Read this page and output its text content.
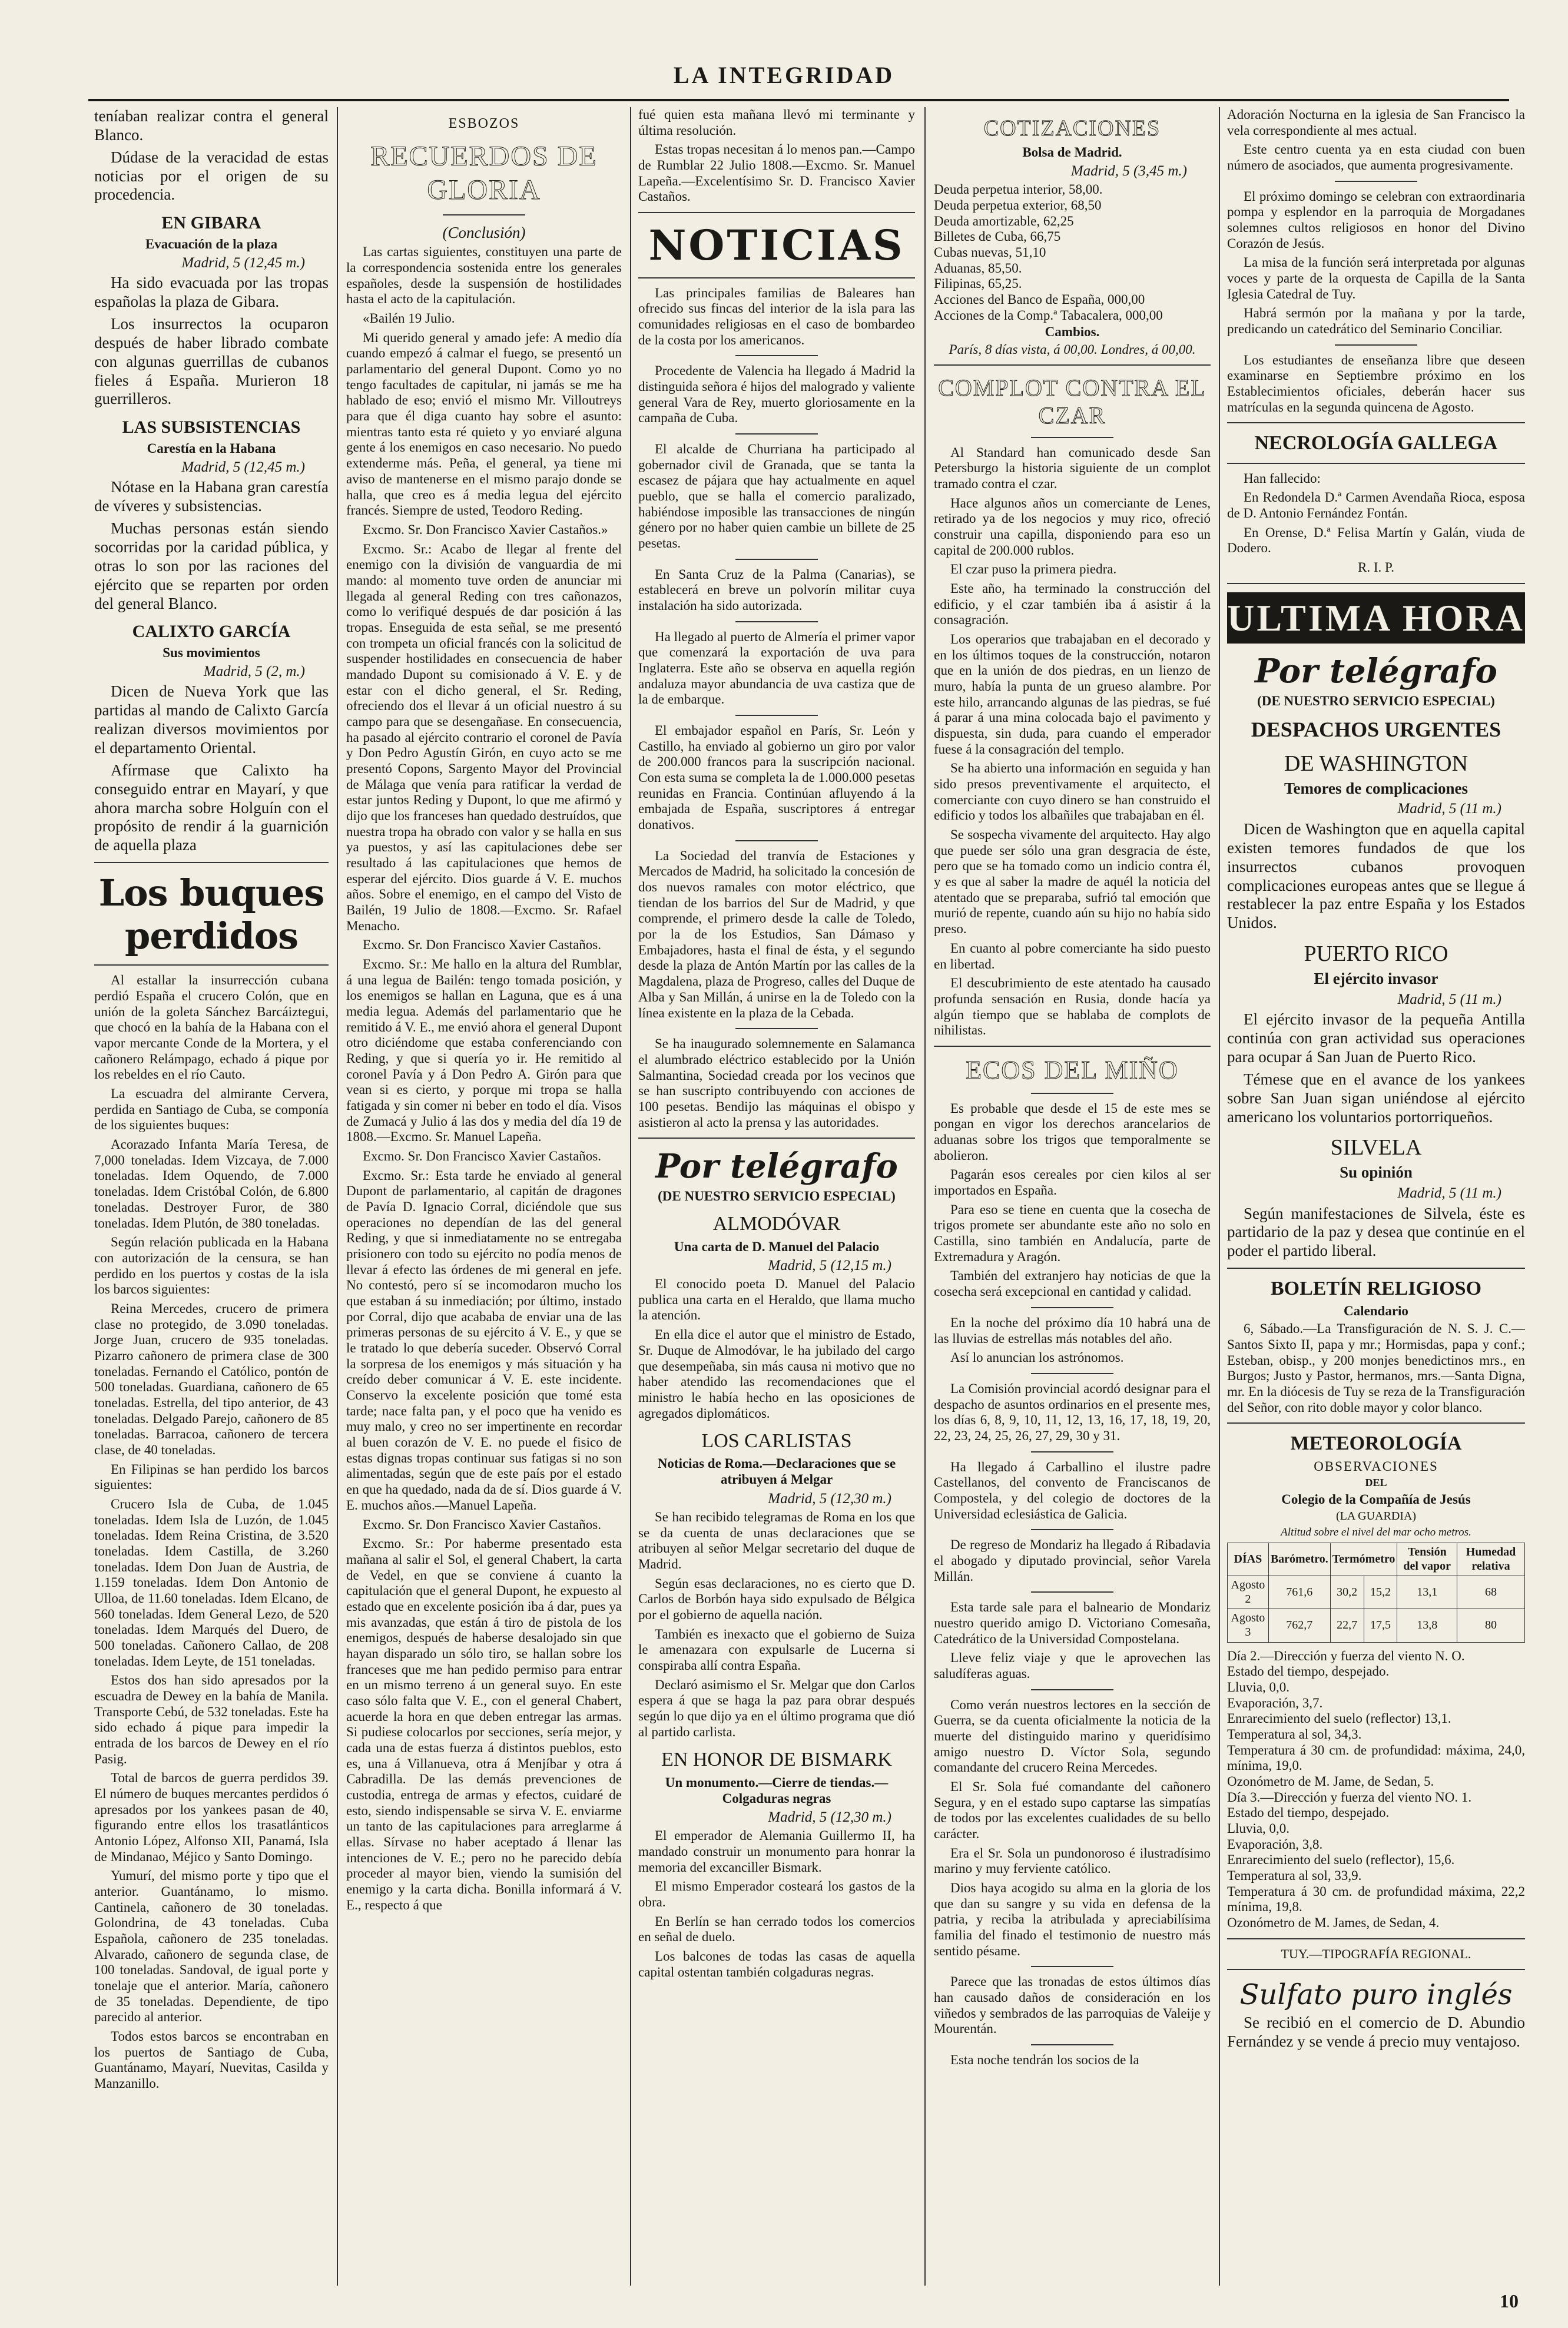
LA INTEGRIDAD

teníaban realizar contra el general Blanco.

Dúdase de la veracidad de estas noticias por el origen de su procedencia.

EN GIBARA
Evacuación de la plaza
Madrid, 5 (12,45 m.)

Ha sido evacuada por las tropas españolas la plaza de Gibara.

Los insurrectos la ocuparon después de haber librado combate con algunas guerrillas de cubanos fieles á España. Murieron 18 guerrilleros.

LAS SUBSISTENCIAS
Carestía en la Habana
Madrid, 5 (12,45 m.)

Nótase en la Habana gran carestía de víveres y subsistencias.

Muchas personas están siendo socorridas por la caridad pública, y otras lo son por las raciones del ejército que se reparten por orden del general Blanco.

CALIXTO GARCÍA
Sus movimientos
Madrid, 5 (2, m.)

Dicen de Nueva York que las partidas al mando de Calixto García realizan diversos movimientos por el departamento Oriental.

Afírmase que Calixto ha conseguido entrar en Mayarí, y que ahora marcha sobre Holguín con el propósito de rendir á la guarnición de aquella plaza

Los buques perdidos

Al estallar la insurrección cubana perdió España el crucero Colón, que en unión de la goleta Sánchez Barcáiztegui, que chocó en la bahía de la Habana con el vapor mercante Conde de la Mortera, y el cañonero Relámpago, echado á pique por los rebeldes en el río Cauto.

La escuadra del almirante Cervera, perdida en Santiago de Cuba, se componía de los siguientes buques:

Acorazado Infanta María Teresa, de 7,000 toneladas. Idem Vizcaya, de 7.000 toneladas. Idem Oquendo, de 7.000 toneladas. Idem Cristóbal Colón, de 6.800 toneladas. Destroyer Furor, de 380 toneladas. Idem Plutón, de 380 toneladas.

Según relación publicada en la Habana con autorización de la censura, se han perdido en los puertos y costas de la isla los barcos siguientes:

Reina Mercedes, crucero de primera clase no protegido, de 3.090 toneladas. Jorge Juan, crucero de 935 toneladas. Pizarro cañonero de primera clase de 300 toneladas. Fernando el Católico, pontón de 500 toneladas. Guardiana, cañonero de 65 toneladas. Estrella, del tipo anterior, de 43 toneladas. Delgado Parejo, cañonero de 85 toneladas. Barracoa, cañonero de tercera clase, de 40 toneladas.

En Filipinas se han perdido los barcos siguientes:

Crucero Isla de Cuba, de 1.045 toneladas. Idem Isla de Luzón, de 1.045 toneladas. Idem Reina Cristina, de 3.520 toneladas. Idem Castilla, de 3.260 toneladas. Idem Don Juan de Austria, de 1.159 toneladas. Idem Don Antonio de Ulloa, de 11.60 toneladas. Idem Elcano, de 560 toneladas. Idem General Lezo, de 520 toneladas. Idem Marqués del Duero, de 500 toneladas. Cañonero Callao, de 208 toneladas. Idem Leyte, de 151 toneladas.

Estos dos han sido apresados por la escuadra de Dewey en la bahía de Manila. Transporte Cebú, de 532 toneladas. Este ha sido echado á pique para impedir la entrada de los barcos de Dewey en el río Pasig.

Total de barcos de guerra perdidos 39. El número de buques mercantes perdidos ó apresados por los yankees pasan de 40, figurando entre ellos los trasatlánticos Antonio López, Alfonso XII, Panamá, Isla de Mindanao, Méjico y Santo Domingo.

Yumurí, del mismo porte y tipo que el anterior. Guantánamo, lo mismo. Cantinela, cañonero de 30 toneladas. Golondrina, de 43 toneladas. Cuba Española, cañonero de 235 toneladas. Alvarado, cañonero de segunda clase, de 100 toneladas. Sandoval, de igual porte y tonelaje que el anterior. María, cañonero de 35 toneladas. Dependiente, de tipo parecido al anterior.

Todos estos barcos se encontraban en los puertos de Santiago de Cuba, Guantánamo, Mayarí, Nuevitas, Casilda y Manzanillo.

ESBOZOS
RECUERDOS DE GLORIA
(Conclusión)

Las cartas siguientes, constituyen una parte de la correspondencia sostenida entre los generales españoles, desde la suspensión de hostilidades hasta el acto de la capitulación.

«Bailén 19 Julio.

Mi querido general y amado jefe: A medio día cuando empezó á calmar el fuego, se presentó un parlamentario del general Dupont. Como yo no tengo facultades de capitular, ni jamás se me ha hablado de eso; envió el mismo Mr. Villoutreys para que él diga cuanto hay sobre el asunto: mientras tanto esta ré quieto y yo enviaré alguna gente á los enemigos en caso necesario. No puedo extenderme más. Peña, el general, ya tiene mi aviso de mantenerse en el mismo parajo donde se halla, que creo es á media legua del ejército francés. Siempre de usted, Teodoro Reding.

Excmo. Sr. Don Francisco Xavier Castaños.»

Excmo. Sr.: Acabo de llegar al frente del enemigo con la división de vanguardia de mi mando: al momento tuve orden de anunciar mi llegada al general Reding con tres cañonazos, como lo verifiqué después de dar posición á las tropas. Enseguida de esta señal, se me presentó con trompeta un oficial francés con la solicitud de suspender hostilidades en consecuencia de haber mandado Dupont su comisionado á V. E. y de estar con el dicho general, el Sr. Reding, ofreciendo dos el llevar á un oficial nuestro á su campo para que se desengañase. En consecuencia, ha pasado al ejército contrario el coronel de Pavía y Don Pedro Agustín Girón, en cuyo acto se me presentó Copons, Sargento Mayor del Provincial de Málaga que venía para ratificar la verdad de estar juntos Reding y Dupont, lo que me afirmó y dijo que los franceses han quedado destruídos, que nuestra tropa ha obrado con valor y se halla en sus ya puestos, y así las capitulaciones debe ser resultado á las capitulaciones que hemos de esperar del ejército. Dios guarde á V. E. muchos años. Sobre el enemigo, en el campo del Visto de Bailén, 19 Julio de 1808.—Excmo. Sr. Rafael Menacho.

Excmo. Sr. Don Francisco Xavier Castaños.

Excmo. Sr.: Me hallo en la altura del Rumblar, á una legua de Bailén: tengo tomada posición, y los enemigos se hallan en Laguna, que es á una media legua. Además del parlamentario que he remitido á V. E., me envió ahora el general Dupont otro diciéndome que estaba conferenciando con Reding, y que si quería yo ir. He remitido al coronel Pavía y á Don Pedro A. Girón para que vean si es cierto, y porque mi tropa se halla fatigada y sin comer ni beber en todo el día. Visos de Zumacá y Julio á las dos y media del día 19 de 1808.—Excmo. Sr. Manuel Lapeña.

Excmo. Sr. Don Francisco Xavier Castaños.

Excmo. Sr.: Esta tarde he enviado al general Dupont de parlamentario, al capitán de dragones de Pavía D. Ignacio Corral, diciéndole que sus operaciones no dependían de las del general Reding, y que si inmediatamente no se entregaba prisionero con todo su ejército no podía menos de llevar á efecto las órdenes de mi general en jefe. No contestó, pero sí se incomodaron mucho los que estaban á su inmediación; por último, instado por Corral, dijo que acababa de enviar una de las primeras personas de su ejército á V. E., y que se le tratado lo que debería suceder. Observó Corral la sorpresa de los enemigos y más situación y ha creído deber comunicar á V. E. este incidente. Conservo la excelente posición que tomé esta tarde; nace falta pan, y el poco que ha venido es muy malo, y creo no ser impertinente en recordar al buen corazón de V. E. no puede el fisico de estas dignas tropas continuar sus fatigas si no son alimentadas, según que de este país por el estado en que ha quedado, nada da de sí. Dios guarde á V. E. muchos años.—Manuel Lapeña.

Excmo. Sr. Don Francisco Xavier Castaños.

Excmo. Sr.: Por haberme presentado esta mañana al salir el Sol, el general Chabert, la carta de Vedel, en que se conviene á cuanto la capitulación que el general Dupont, he expuesto al estado que en excelente posición iba á dar, pues ya mis avanzadas, que están á tiro de pistola de los enemigos, después de haberse desalojado sin que hayan disparado un sólo tiro, se hallan sobre los franceses que me han pedido permiso para entrar en un mismo terreno á un general suyo. En este caso sólo falta que V. E., con el general Chabert, acuerde la hora en que deben entregar las armas. Si pudiese colocarlos por secciones, sería mejor, y cada una de estas fuerza á distintos pueblos, esto es, una á Villanueva, otra á Menjíbar y otra á Cabradilla. De las demás prevenciones de custodia, entrega de armas y efectos, cuidaré de esto, siendo indispensable se sirva V. E. enviarme un tanto de las capitulaciones para arreglarme á ellas. Sírvase no haber aceptado á llenar las intenciones de V. E.; pero no he parecido debía proceder al mayor bien, viendo la sumisión del enemigo y la carta dicha. Bonilla informará á V. E., respecto á que

fué quien esta mañana llevó mi terminante y última resolución.

Estas tropas necesitan á lo menos pan.—Campo de Rumblar 22 Julio 1808.—Excmo. Sr. Manuel Lapeña.—Excelentísimo Sr. D. Francisco Xavier Castaños.

NOTICIAS

Las principales familias de Baleares han ofrecido sus fincas del interior de la isla para las comunidades religiosas en el caso de bombardeo de la costa por los americanos.

Procedente de Valencia ha llegado á Madrid la distinguida señora é hijos del malogrado y valiente general Vara de Rey, muerto gloriosamente en la campaña de Cuba.

El alcalde de Churriana ha participado al gobernador civil de Granada, que se tanta la escasez de pájara que hay actualmente en aquel pueblo, que se halla el comercio paralizado, habiéndose imposible las transacciones de ningún género por no haber quien cambie un billete de 25 pesetas.

En Santa Cruz de la Palma (Canarias), se establecerá en breve un polvorín militar cuya instalación ha sido autorizada.

Ha llegado al puerto de Almería el primer vapor que comenzará la exportación de uva para Inglaterra. Este año se observa en aquella región andaluza mayor abundancia de uva castiza que de la de embarque.

El embajador español en París, Sr. León y Castillo, ha enviado al gobierno un giro por valor de 200.000 francos para la suscripción nacional. Con esta suma se completa la de 1.000.000 pesetas reunidas en Francia. Continúan afluyendo á la embajada de España, suscriptores á entregar donativos.

La Sociedad del tranvía de Estaciones y Mercados de Madrid, ha solicitado la concesión de dos nuevos ramales con motor eléctrico, que tiendan de los barrios del Sur de Madrid, y que comprende, el primero desde la calle de Toledo, por la de los Estudios, San Dámaso y Embajadores, hasta el final de ésta, y el segundo desde la plaza de Antón Martín por las calles de la Magdalena, plaza de Progreso, calles del Duque de Alba y San Millán, á unirse en la de Toledo con la línea existente en la plaza de la Cebada.

Se ha inaugurado solemnemente en Salamanca el alumbrado eléctrico establecido por la Unión Salmantina, Sociedad creada por los vecinos que se han suscripto contribuyendo con acciones de 100 pesetas. Bendijo las máquinas el obispo y asistieron al acto la prensa y las autoridades.

Por telégrafo
(DE NUESTRO SERVICIO ESPECIAL)
ALMODÓVAR
Una carta de D. Manuel del Palacio
Madrid, 5 (12,15 m.)

El conocido poeta D. Manuel del Palacio publica una carta en el Heraldo, que llama mucho la atención.

En ella dice el autor que el ministro de Estado, Sr. Duque de Almodóvar, le ha jubilado del cargo que desempeñaba, sin más causa ni motivo que no haber atendido las recomendaciones que el ministro le había hecho en las oposiciones de agregados diplomáticos.

LOS CARLISTAS
Noticias de Roma.—Declaraciones que se atribuyen á Melgar
Madrid, 5 (12,30 m.)

Se han recibido telegramas de Roma en los que se da cuenta de unas declaraciones que se atribuyen al señor Melgar secretario del duque de Madrid.

Según esas declaraciones, no es cierto que D. Carlos de Borbón haya sido expulsado de Bélgica por el gobierno de aquella nación.

También es inexacto que el gobierno de Suiza le amenazara con expulsarle de Lucerna si conspiraba allí contra España.

Declaró asimismo el Sr. Melgar que don Carlos espera á que se haga la paz para obrar después según lo que dijo ya en el último programa que dió al partido carlista.

EN HONOR DE BISMARK
Un monumento.—Cierre de tiendas.—Colgaduras negras
Madrid, 5 (12,30 m.)

El emperador de Alemania Guillermo II, ha mandado construir un monumento para honrar la memoria del excanciller Bismark.

El mismo Emperador costeará los gastos de la obra.

En Berlín se han cerrado todos los comercios en señal de duelo.

Los balcones de todas las casas de aquella capital ostentan también colgaduras negras.

COTIZACIONES
Bolsa de Madrid.
Madrid, 5 (3,45 m.)
Deuda perpetua interior, 58,00.
Deuda perpetua exterior, 68,50
Deuda amortizable, 62,25
Billetes de Cuba, 66,75
Cubas nuevas, 51,10
Aduanas, 85,50.
Filipinas, 65,25.
Acciones del Banco de España, 000,00
Acciones de la Comp.ª Tabacalera, 000,00
Cambios.
París, 8 días vista, á 00,00. Londres, á 00,00.
COMPLOT CONTRA EL CZAR

Al Standard han comunicado desde San Petersburgo la historia siguiente de un complot tramado contra el czar.

Hace algunos años un comerciante de Lenes, retirado ya de los negocios y muy rico, ofreció construir una capilla, disponiendo para eso un capital de 200.000 rublos.

El czar puso la primera piedra.

Este año, ha terminado la construcción del edificio, y el czar también iba á asistir á la consagración.

Los operarios que trabajaban en el decorado y en los últimos toques de la construcción, notaron que en la unión de dos piedras, en un lienzo de muro, había la punta de un grueso alambre. Por este hilo, arrancando algunas de las piedras, se fué á parar á una mina colocada bajo el pavimento y dispuesta, sin duda, para cuando el emperador fuese á la consagración del templo.

Se ha abierto una información en seguida y han sido presos preventivamente el arquitecto, el comerciante con cuyo dinero se han construido el edificio y todos los albañiles que trabajaban en él.

Se sospecha vivamente del arquitecto. Hay algo que puede ser sólo una gran desgracia de éste, pero que se ha tomado como un indicio contra él, y es que al saber la madre de aquél la noticia del atentado que se preparaba, sufrió tal emoción que murió de repente, cuando aún su hijo no había sido preso.

En cuanto al pobre comerciante ha sido puesto en libertad.

El descubrimiento de este atentado ha causado profunda sensación en Rusia, donde hacía ya algún tiempo que se hablaba de complots de nihilistas.

ECOS DEL MIÑO

Es probable que desde el 15 de este mes se pongan en vigor los derechos arancelarios de aduanas sobre los trigos que temporalmente se abolieron.

Pagarán esos cereales por cien kilos al ser importados en España.

Para eso se tiene en cuenta que la cosecha de trigos promete ser abundante este año no solo en Castilla, sino también en Andalucía, parte de Extremadura y Aragón.

También del extranjero hay noticias de que la cosecha será excepcional en cantidad y calidad.

En la noche del próximo día 10 habrá una de las lluvias de estrellas más notables del año.

Así lo anuncian los astrónomos.

La Comisión provincial acordó designar para el despacho de asuntos ordinarios en el presente mes, los días 6, 8, 9, 10, 11, 12, 13, 16, 17, 18, 19, 20, 22, 23, 24, 25, 26, 27, 29, 30 y 31.

Ha llegado á Carballino el ilustre padre Castellanos, del convento de Franciscanos de Compostela, y del colegio de doctores de la Universidad eclesiástica de Galicia.

De regreso de Mondariz ha llegado á Ribadavia el abogado y diputado provincial, señor Varela Millán.

Esta tarde sale para el balneario de Mondariz nuestro querido amigo D. Victoriano Comesaña, Catedrático de la Universidad Compostelana.

Lleve feliz viaje y que le aprovechen las saludíferas aguas.

Como verán nuestros lectores en la sección de Guerra, se da cuenta oficialmente la noticia de la muerte del distinguido marino y queridísimo amigo nuestro D. Víctor Sola, segundo comandante del crucero Reina Mercedes.

El Sr. Sola fué comandante del cañonero Segura, y en el estado supo captarse las simpatías de todos por las excelentes cualidades de su bello carácter.

Era el Sr. Sola un pundonoroso é ilustradísimo marino y muy ferviente católico.

Dios haya acogido su alma en la gloria de los que dan su sangre y su vida en defensa de la patria, y reciba la atribulada y apreciabilísima familia del finado el testimonio de nuestro más sentido pésame.

Parece que las tronadas de estos últimos días han causado daños de consideración en los viñedos y sembrados de las parroquias de Valeije y Mourentán.

Esta noche tendrán los socios de la

Adoración Nocturna en la iglesia de San Francisco la vela correspondiente al mes actual.

Este centro cuenta ya en esta ciudad con buen número de asociados, que aumenta progresivamente.

El próximo domingo se celebran con extraordinaria pompa y esplendor en la parroquia de Morgadanes solemnes cultos religiosos en honor del Divino Corazón de Jesús.

La misa de la función será interpretada por algunas voces y parte de la orquesta de Capilla de la Santa Iglesia Catedral de Tuy.

Habrá sermón por la mañana y por la tarde, predicando un catedrático del Seminario Conciliar.

Los estudiantes de enseñanza libre que deseen examinarse en Septiembre próximo en los Establecimientos oficiales, deberán hacer sus matrículas en la segunda quincena de Agosto.

NECROLOGÍA GALLEGA

Han fallecido:

En Redondela D.ª Carmen Avendaña Rioca, esposa de D. Antonio Fernández Fontán.

En Orense, D.ª Felisa Martín y Galán, viuda de Dodero.

R. I. P.
ULTIMA HORA
Por telégrafo
(DE NUESTRO SERVICIO ESPECIAL)
DESPACHOS URGENTES
DE WASHINGTON
Temores de complicaciones
Madrid, 5 (11 m.)

Dicen de Washington que en aquella capital existen temores fundados de que los insurrectos cubanos provoquen complicaciones europeas antes que se llegue á restablecer la paz entre España y los Estados Unidos.

PUERTO RICO
El ejército invasor
Madrid, 5 (11 m.)

El ejército invasor de la pequeña Antilla continúa con gran actividad sus operaciones para ocupar á San Juan de Puerto Rico.

Témese que en el avance de los yankees sobre San Juan sigan uniéndose al ejército americano los voluntarios portorriqueños.

SILVELA
Su opinión
Madrid, 5 (11 m.)

Según manifestaciones de Silvela, éste es partidario de la paz y desea que continúe en el poder el partido liberal.

BOLETÍN RELIGIOSO
Calendario

6, Sábado.—La Transfiguración de N. S. J. C.—Santos Sixto II, papa y mr.; Hormisdas, papa y conf.; Esteban, obisp., y 200 monjes benedictinos mrs., en Burgos; Justo y Pastor, hermanos, mrs.—Santa Digna, mr. En la diócesis de Tuy se reza de la Transfiguración del Señor, con rito doble mayor y color blanco.

METEOROLOGÍA
OBSERVACIONES
DEL
Colegio de la Compañía de Jesús
(LA GUARDIA)
Altitud sobre el nivel del mar ocho metros.
DÍAS	Barómetro.	Termómetro		Tensión del vapor	Humedad relativa
Agosto 2	761,6	30,2	15,2	13,1	68
Agosto 3	762,7	22,7	17,5	13,8	80
Día 2.—Dirección y fuerza del viento N. O.
Estado del tiempo, despejado.
Lluvia, 0,0.
Evaporación, 3,7.
Enrarecimiento del suelo (reflector) 13,1.
Temperatura al sol, 34,3.
Temperatura á 30 cm. de profundidad: máxima, 24,0, mínima, 19,0.
Ozonómetro de M. Jame, de Sedan, 5.
Día 3.—Dirección y fuerza del viento NO. 1.
Estado del tiempo, despejado.
Lluvia, 0,0.
Evaporación, 3,8.
Enrarecimiento del suelo (reflector), 15,6.
Temperatura al sol, 33,9.
Temperatura á 30 cm. de profundidad máxima, 22,2 mínima, 19,8.
Ozonómetro de M. James, de Sedan, 4.
TUY.—TIPOGRAFÍA REGIONAL.
Sulfato puro inglés

Se recibió en el comercio de D. Abundio Fernández y se vende á precio muy ventajoso.

10
